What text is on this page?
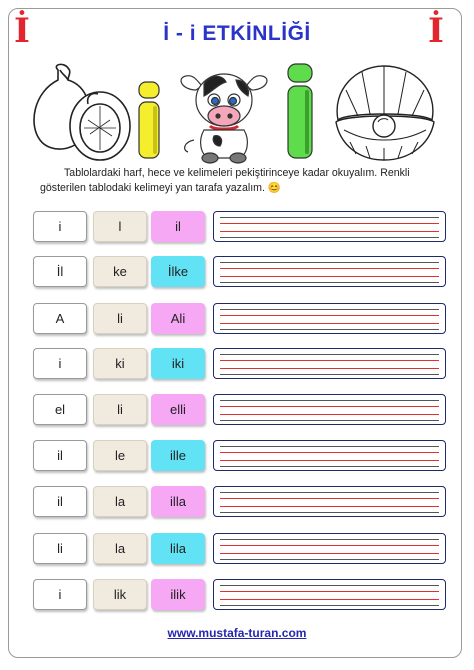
İ	İ
İ - i ETKİNLİĞİ
Tablolardaki harf, hece ve kelimeleri pekiştirinceye kadar okuyalım. Renkli gösterilen tablodaki kelimeyi yan tarafa yazalım. 😊
i	l	il
İl	ke	İlke
A	li	Ali
i	ki	iki
el	li	elli
il	le	ille
il	la	illa
li	la	lila
i	lik	ilik
www.mustafa-turan.com
